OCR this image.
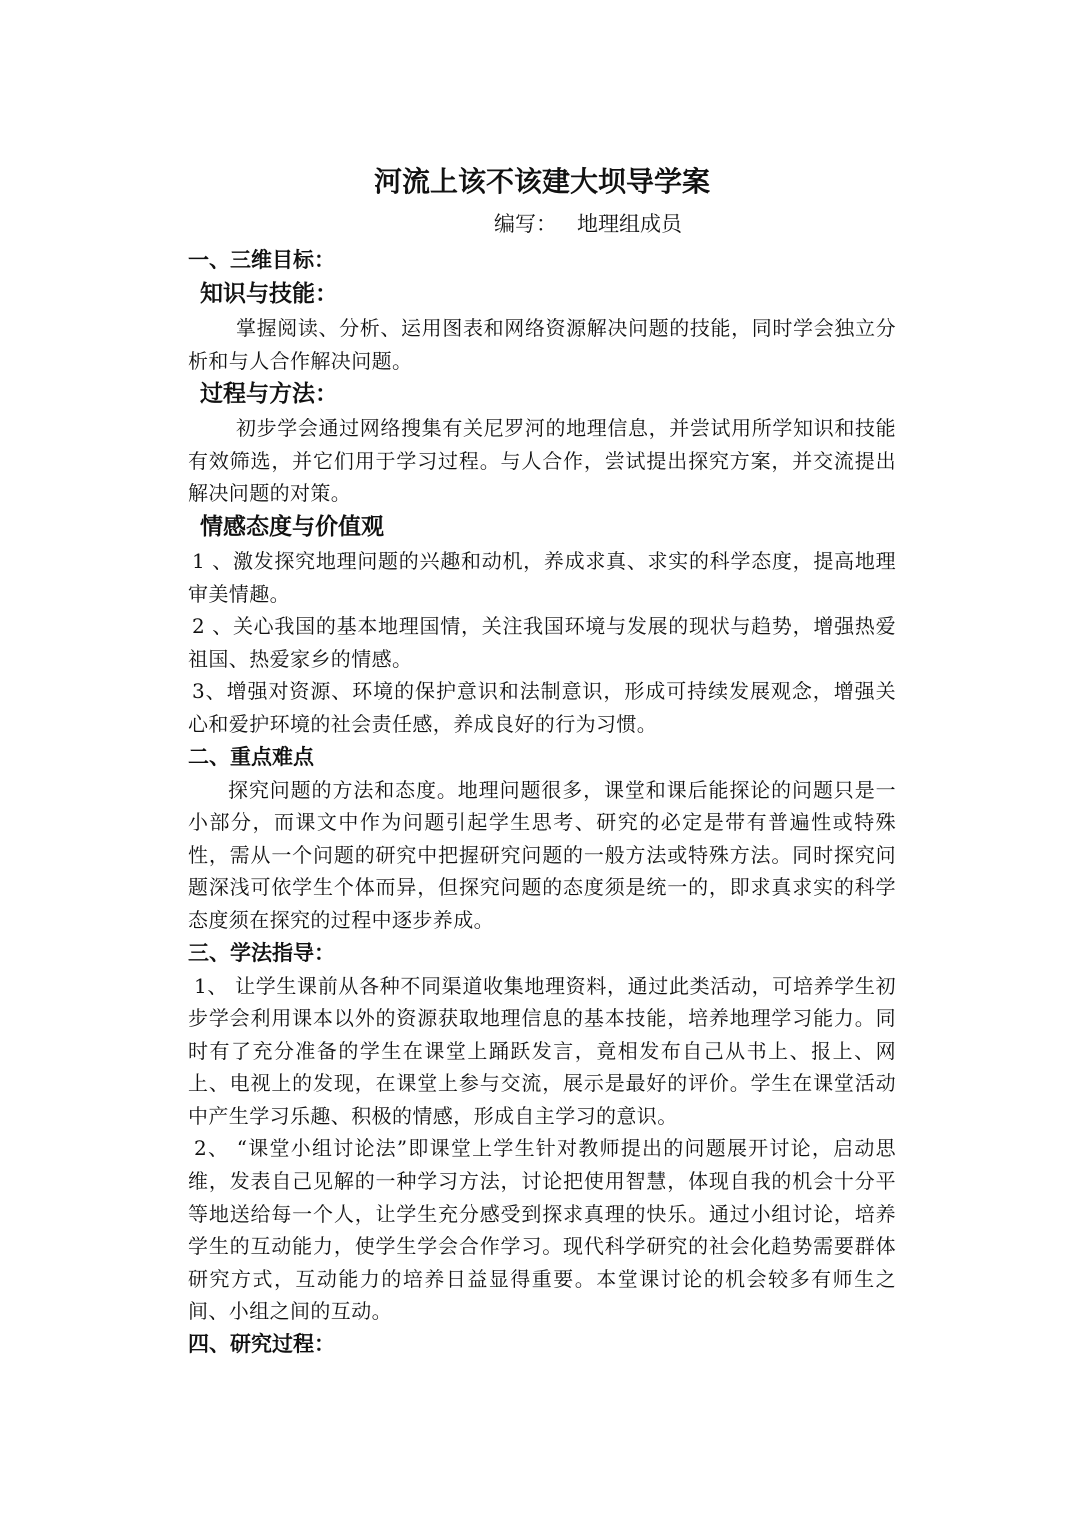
河流上该不该建大坝导学案
编写：   地理组成员
一、三维目标：
知识与技能：

掌握阅读、分析、运用图表和网络资源解决问题的技能，同时学会独立分析和与人合作解决问题。

过程与方法：

初步学会通过网络搜集有关尼罗河的地理信息，并尝试用所学知识和技能有效筛选，并它们用于学习过程。与人合作，尝试提出探究方案，并交流提出解决问题的对策。

情感态度与价值观

1 、激发探究地理问题的兴趣和动机，养成求真、求实的科学态度，提高地理审美情趣。

2 、关心我国的基本地理国情，关注我国环境与发展的现状与趋势，增强热爱祖国、热爱家乡的情感。

3、增强对资源、环境的保护意识和法制意识，形成可持续发展观念，增强关心和爱护环境的社会责任感，养成良好的行为习惯。

二、重点难点

探究问题的方法和态度。地理问题很多，课堂和课后能探论的问题只是一小部分，而课文中作为问题引起学生思考、研究的必定是带有普遍性或特殊性，需从一个问题的研究中把握研究问题的一般方法或特殊方法。同时探究问题深浅可依学生个体而异，但探究问题的态度须是统一的，即求真求实的科学态度须在探究的过程中逐步养成。

三、学法指导：

1、 让学生课前从各种不同渠道收集地理资料，通过此类活动，可培养学生初步学会利用课本以外的资源获取地理信息的基本技能，培养地理学习能力。同时有了充分准备的学生在课堂上踊跃发言，竟相发布自己从书上、报上、网上、电视上的发现，在课堂上参与交流，展示是最好的评价。学生在课堂活动中产生学习乐趣、积极的情感，形成自主学习的意识。

2、 “课堂小组讨论法”即课堂上学生针对教师提出的问题展开讨论，启动思维，发表自己见解的一种学习方法，讨论把使用智慧，体现自我的机会十分平等地送给每一个人，让学生充分感受到探求真理的快乐。通过小组讨论，培养学生的互动能力，使学生学会合作学习。现代科学研究的社会化趋势需要群体研究方式，互动能力的培养日益显得重要。本堂课讨论的机会较多有师生之间、小组之间的互动。

四、研究过程：
